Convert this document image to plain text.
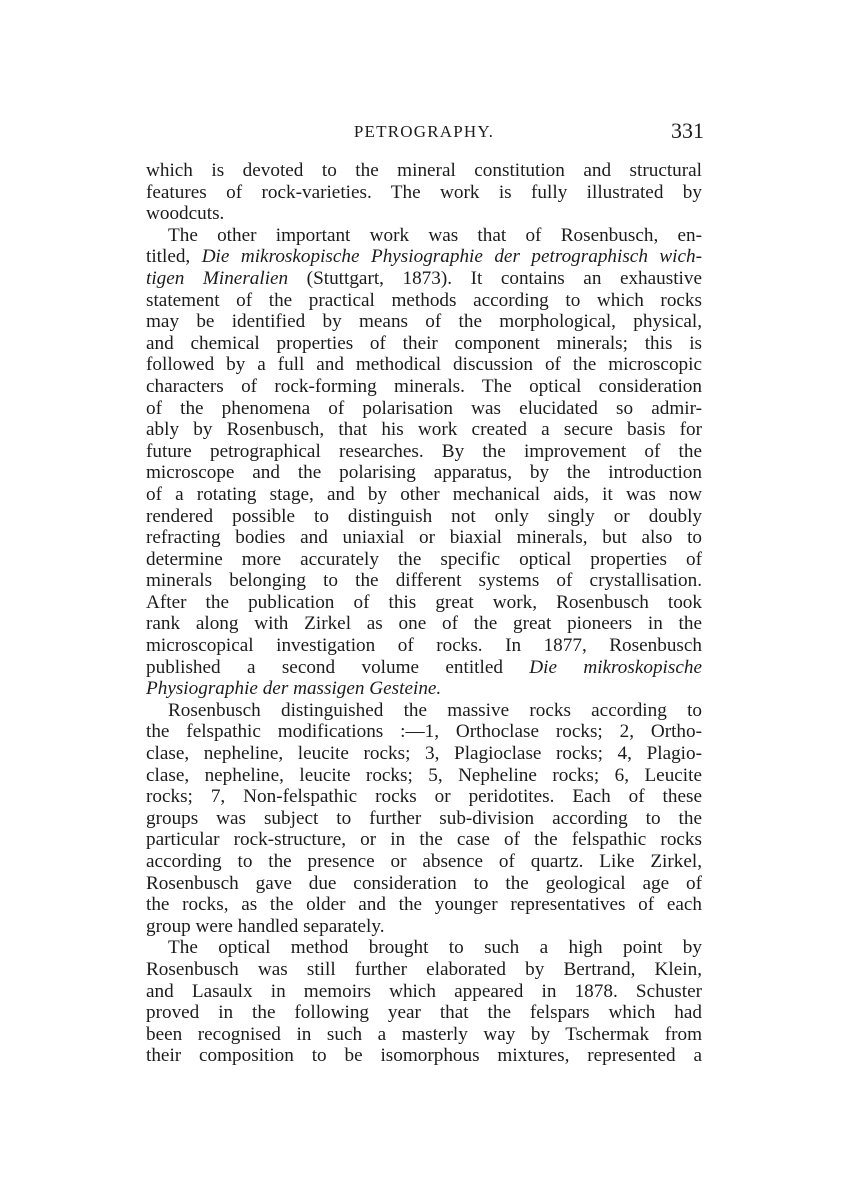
PETROGRAPHY.	331
which is devoted to the mineral constitution and structural
features of rock-varieties. The work is fully illustrated by
woodcuts.
The other important work was that of Rosenbusch, en-
titled, Die mikroskopische Physiographie der petrographisch wich-
tigen Mineralien (Stuttgart, 1873). It contains an exhaustive
statement of the practical methods according to which rocks
may be identified by means of the morphological, physical,
and chemical properties of their component minerals; this is
followed by a full and methodical discussion of the microscopic
characters of rock-forming minerals. The optical consideration
of the phenomena of polarisation was elucidated so admir-
ably by Rosenbusch, that his work created a secure basis for
future petrographical researches. By the improvement of the
microscope and the polarising apparatus, by the introduction
of a rotating stage, and by other mechanical aids, it was now
rendered possible to distinguish not only singly or doubly
refracting bodies and uniaxial or biaxial minerals, but also to
determine more accurately the specific optical properties of
minerals belonging to the different systems of crystallisation.
After the publication of this great work, Rosenbusch took
rank along with Zirkel as one of the great pioneers in the
microscopical investigation of rocks. In 1877, Rosenbusch
published a second volume entitled Die mikroskopische
Physiographie der massigen Gesteine.
Rosenbusch distinguished the massive rocks according to
the felspathic modifications :—1, Orthoclase rocks; 2, Ortho-
clase, nepheline, leucite rocks; 3, Plagioclase rocks; 4, Plagio-
clase, nepheline, leucite rocks; 5, Nepheline rocks; 6, Leucite
rocks; 7, Non-felspathic rocks or peridotites. Each of these
groups was subject to further sub-division according to the
particular rock-structure, or in the case of the felspathic rocks
according to the presence or absence of quartz. Like Zirkel,
Rosenbusch gave due consideration to the geological age of
the rocks, as the older and the younger representatives of each
group were handled separately.
The optical method brought to such a high point by
Rosenbusch was still further elaborated by Bertrand, Klein,
and Lasaulx in memoirs which appeared in 1878. Schuster
proved in the following year that the felspars which had
been recognised in such a masterly way by Tschermak from
their composition to be isomorphous mixtures, represented a
